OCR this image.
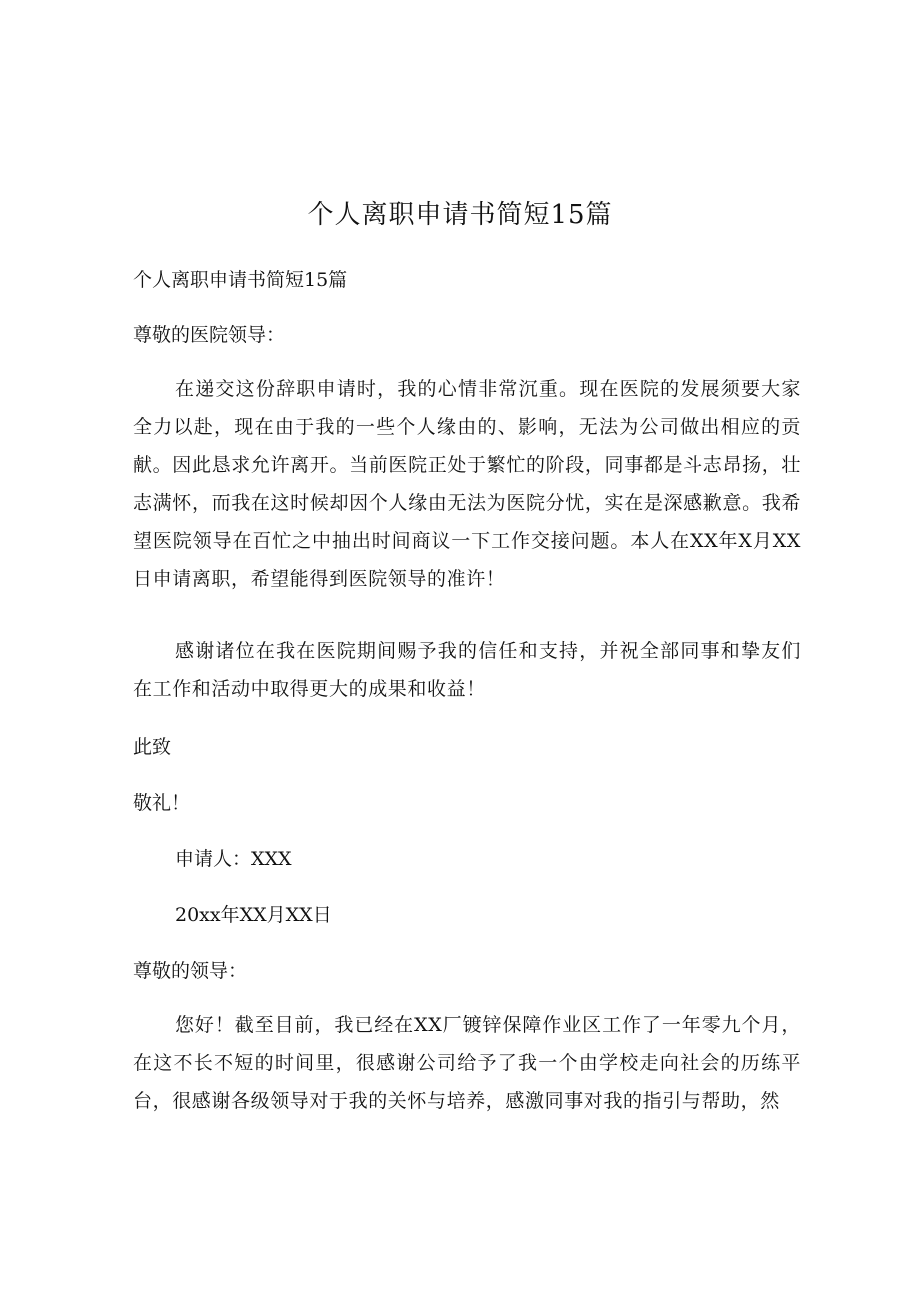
个人离职申请书简短15篇
个人离职申请书简短15篇
尊敬的医院领导：
在递交这份辞职申请时，我的心情非常沉重。现在医院的发展须要大家全力以赴，现在由于我的一些个人缘由的、影响，无法为公司做出相应的贡献。因此恳求允许离开。当前医院正处于繁忙的阶段，同事都是斗志昂扬，壮志满怀，而我在这时候却因个人缘由无法为医院分忧，实在是深感歉意。我希望医院领导在百忙之中抽出时间商议一下工作交接问题。本人在XX年X月XX日申请离职，希望能得到医院领导的准许！
感谢诸位在我在医院期间赐予我的信任和支持，并祝全部同事和挚友们在工作和活动中取得更大的成果和收益！
此致
敬礼！
申请人：XXX
20xx年XX月XX日
尊敬的领导：
您好！截至目前，我已经在XX厂镀锌保障作业区工作了一年零九个月，在这不长不短的时间里，很感谢公司给予了我一个由学校走向社会的历练平台，很感谢各级领导对于我的关怀与培养，感激同事对我的指引与帮助，然
